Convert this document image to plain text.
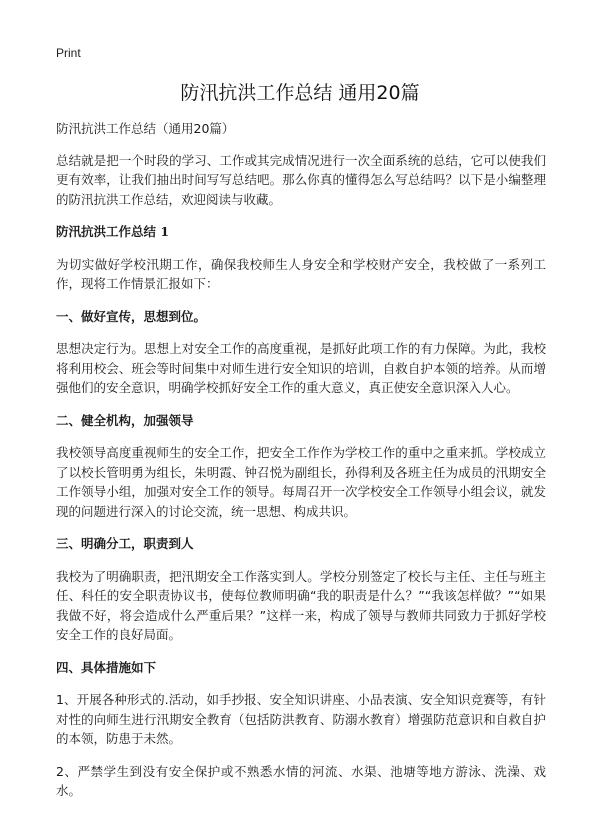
Print
防汛抗洪工作总结 通用20篇

防汛抗洪工作总结（通用20篇）

总结就是把一个时段的学习、工作或其完成情况进行一次全面系统的总结，它可以使我们更有效率，让我们抽出时间写写总结吧。那么你真的懂得怎么写总结吗？以下是小编整理的防汛抗洪工作总结，欢迎阅读与收藏。

防汛抗洪工作总结 1

为切实做好学校汛期工作，确保我校师生人身安全和学校财产安全，我校做了一系列工作，现将工作情景汇报如下：

一、做好宣传，思想到位。

思想决定行为。思想上对安全工作的高度重视，是抓好此项工作的有力保障。为此，我校将利用校会、班会等时间集中对师生进行安全知识的培训，自救自护本领的培养。从而增强他们的安全意识，明确学校抓好安全工作的重大意义，真正使安全意识深入人心。

二、健全机构，加强领导

我校领导高度重视师生的安全工作，把安全工作作为学校工作的重中之重来抓。学校成立了以校长管明勇为组长，朱明霞、钟召悦为副组长，孙得利及各班主任为成员的汛期安全工作领导小组，加强对安全工作的领导。每周召开一次学校安全工作领导小组会议，就发现的问题进行深入的讨论交流，统一思想、构成共识。

三、明确分工，职责到人

我校为了明确职责，把汛期安全工作落实到人。学校分别签定了校长与主任、主任与班主任、科任的安全职责协议书，使每位教师明确“我的职责是什么？”“我该怎样做？”“如果我做不好，将会造成什么严重后果？”这样一来，构成了领导与教师共同致力于抓好学校安全工作的良好局面。

四、具体措施如下

1、开展各种形式的.活动，如手抄报、安全知识讲座、小品表演、安全知识竞赛等，有针对性的向师生进行汛期安全教育（包括防洪教育、防溺水教育）增强防范意识和自救自护的本领，防患于未然。

2、严禁学生到没有安全保护或不熟悉水情的河流、水渠、池塘等地方游泳、洗澡、戏水。
